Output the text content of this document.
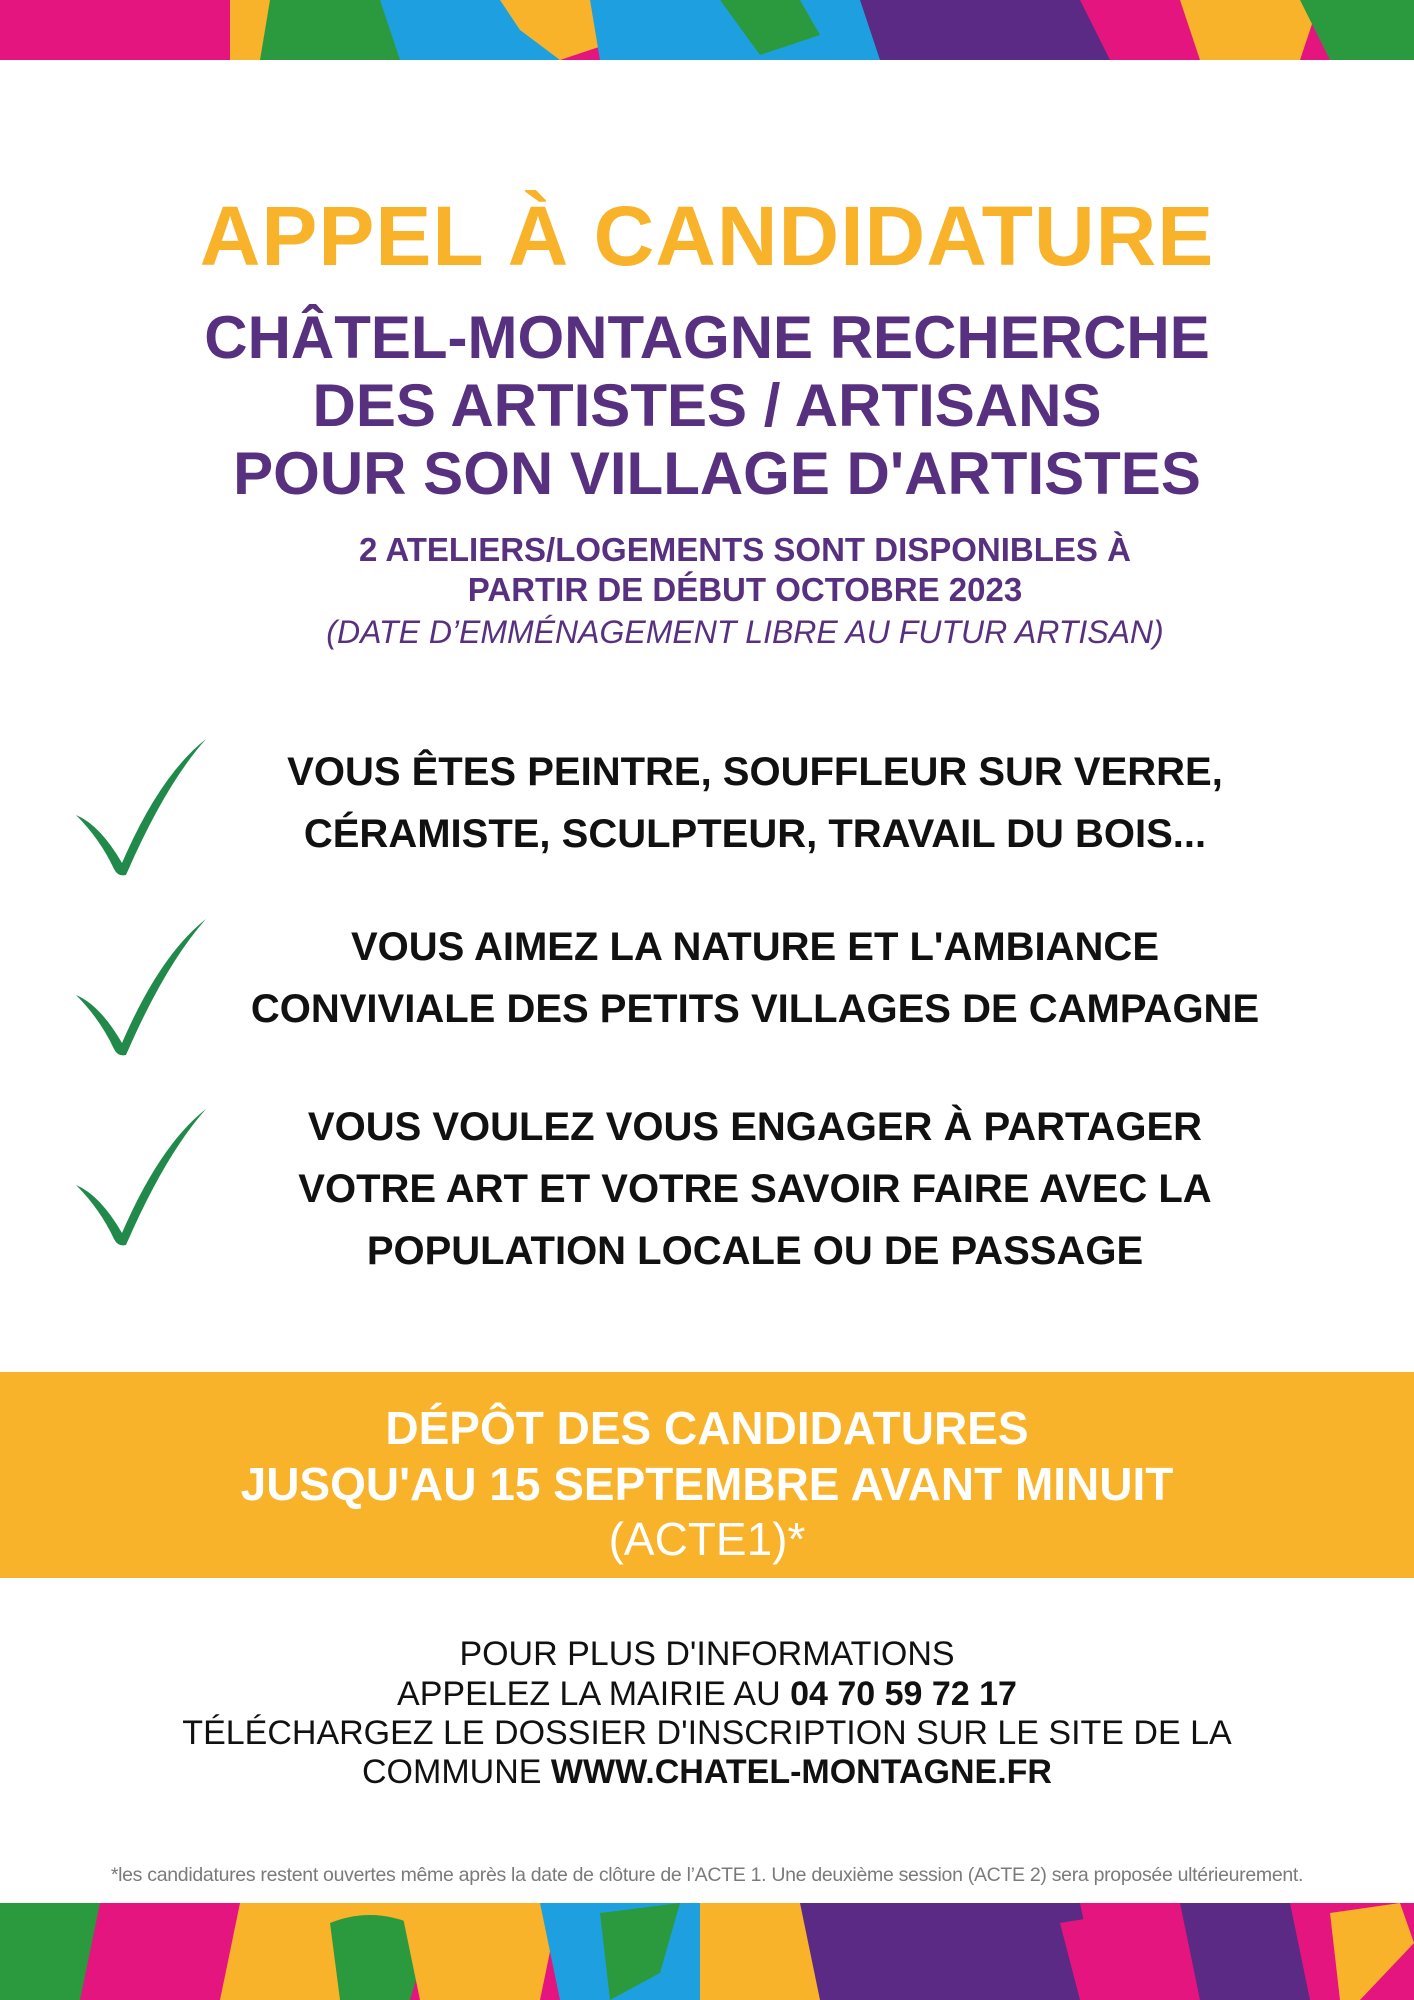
APPEL À CANDIDATURE
CHÂTEL-MONTAGNE RECHERCHE
DES ARTISTES / ARTISANS
POUR SON VILLAGE D'ARTISTES
2 ATELIERS/LOGEMENTS SONT DISPONIBLES À
PARTIR DE DÉBUT OCTOBRE 2023
(DATE D’EMMÉNAGEMENT LIBRE AU FUTUR ARTISAN)
VOUS ÊTES PEINTRE, SOUFFLEUR SUR VERRE,
CÉRAMISTE, SCULPTEUR, TRAVAIL DU BOIS...
VOUS AIMEZ LA NATURE ET L'AMBIANCE
CONVIVIALE DES PETITS VILLAGES DE CAMPAGNE
VOUS VOULEZ VOUS ENGAGER À PARTAGER
VOTRE ART ET VOTRE SAVOIR FAIRE AVEC LA
POPULATION LOCALE OU DE PASSAGE
DÉPÔT DES CANDIDATURES
JUSQU'AU 15 SEPTEMBRE AVANT MINUIT
(ACTE1)*
POUR PLUS D'INFORMATIONS
APPELEZ LA MAIRIE AU 04 70 59 72 17
TÉLÉCHARGEZ LE DOSSIER D'INSCRIPTION SUR LE SITE DE LA
COMMUNE WWW.CHATEL-MONTAGNE.FR
*les candidatures restent ouvertes même après la date de clôture de l’ACTE 1. Une deuxième session (ACTE 2) sera proposée ultérieurement.
